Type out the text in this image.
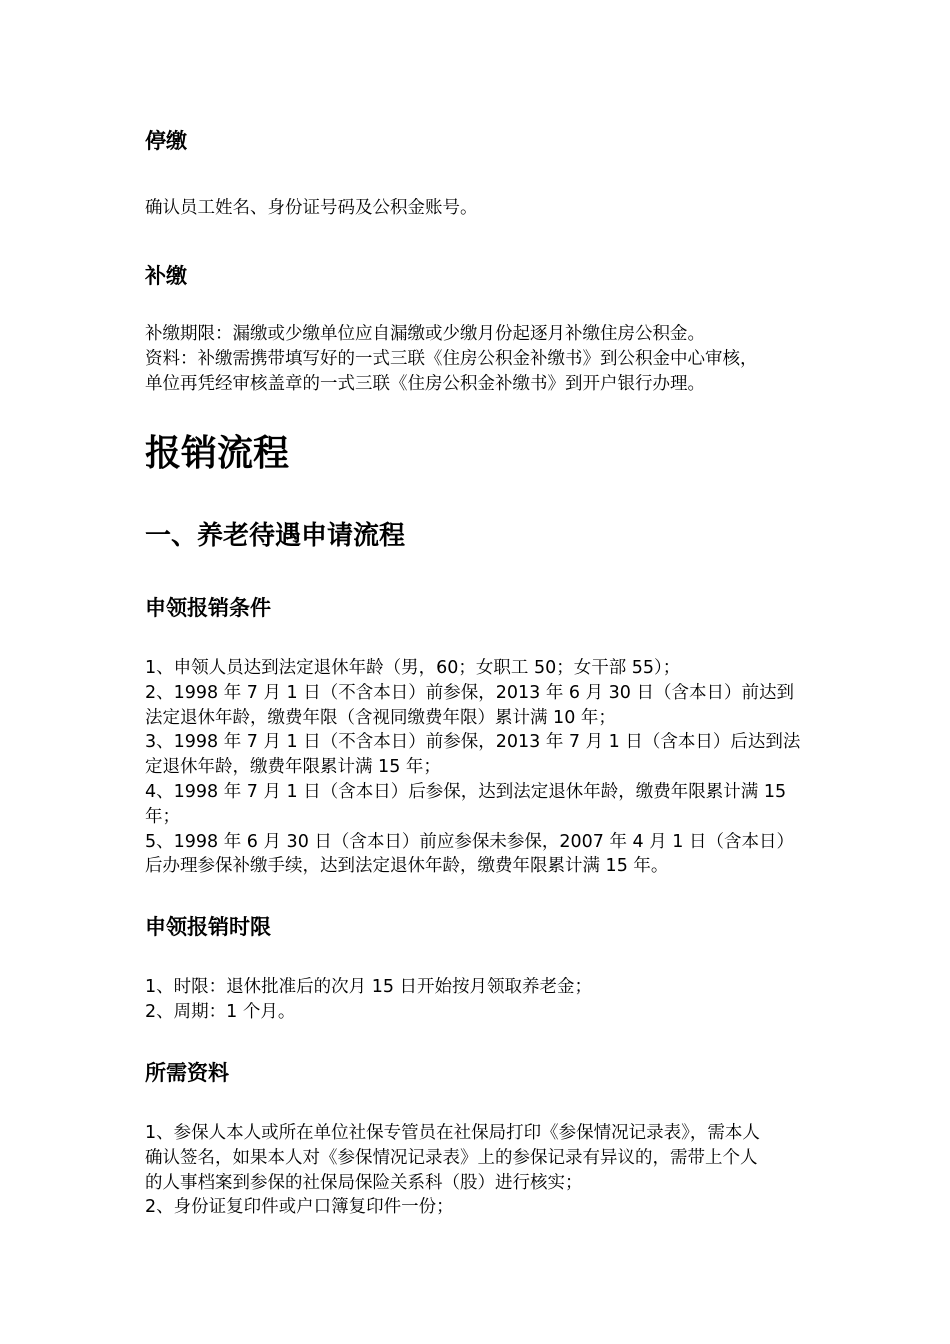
停缴

确认员工姓名、身份证号码及公积金账号。

补缴

补缴期限：漏缴或少缴单位应自漏缴或少缴月份起逐月补缴住房公积金。

资料：补缴需携带填写好的一式三联《住房公积金补缴书》到公积金中心审核，

单位再凭经审核盖章的一式三联《住房公积金补缴书》到开户银行办理。

报销流程
一、养老待遇申请流程
申领报销条件

1、申领人员达到法定退休年龄（男，60；女职工 50；女干部 55）；

2、1998 年 7 月 1 日（不含本日）前参保，2013 年 6 月 30 日（含本日）前达到

法定退休年龄，缴费年限（含视同缴费年限）累计满 10 年；

3、1998 年 7 月 1 日（不含本日）前参保，2013 年 7 月 1 日（含本日）后达到法

定退休年龄，缴费年限累计满 15 年；

4、1998 年 7 月 1 日（含本日）后参保，达到法定退休年龄，缴费年限累计满 15

年；

5、1998 年 6 月 30 日（含本日）前应参保未参保，2007 年 4 月 1 日（含本日）

后办理参保补缴手续，达到法定退休年龄，缴费年限累计满 15 年。

申领报销时限

1、时限：退休批准后的次月 15 日开始按月领取养老金；

2、周期：1 个月。

所需资料

1、参保人本人或所在单位社保专管员在社保局打印《参保情况记录表》，需本人

确认签名，如果本人对《参保情况记录表》上的参保记录有异议的，需带上个人

的人事档案到参保的社保局保险关系科（股）进行核实；

2、身份证复印件或户口簿复印件一份；
